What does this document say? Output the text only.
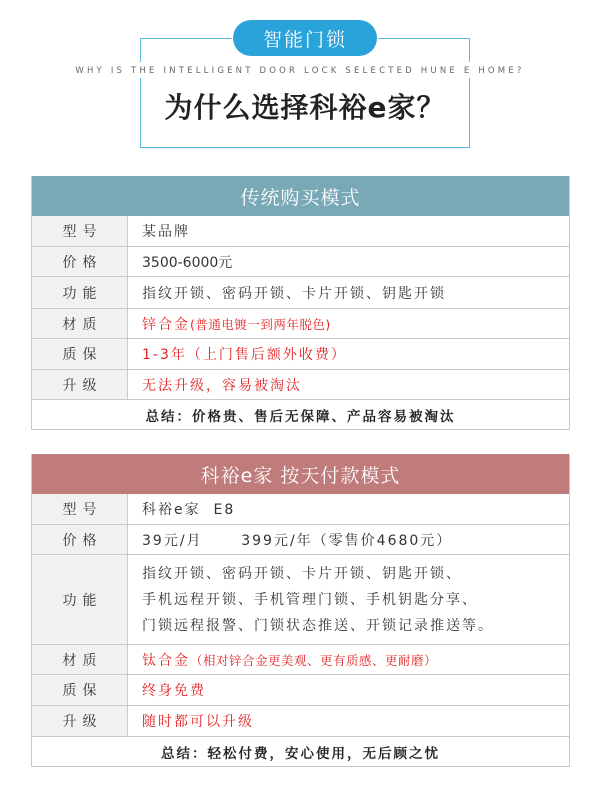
智能门锁
WHY IS THE INTELLIGENT DOOR LOCK SELECTED HUNE E HOME?
为什么选择科裕e家？
传统购买模式
型号	某品牌
价格	3500-6000元
功能	指纹开锁、密码开锁、卡片开锁、钥匙开锁
材质	锌合金 (普通电镀一到两年脱色)
质保	1-3年（上门售后额外收费）
升级	无法升级，容易被淘汰
总结：价格贵、售后无保障、产品容易被淘汰
科裕e家 按天付款模式
型号	科裕e家  E8
价格	39元/月      399元/年（零售价4680元）
功能
指纹开锁、密码开锁、卡片开锁、钥匙开锁、
手机远程开锁、手机管理门锁、手机钥匙分享、
门锁远程报警、门锁状态推送、开锁记录推送等。
材质	钛合金 （相对锌合金更美观、更有质感、更耐磨）
质保	终身免费
升级	随时都可以升级
总结：轻松付费，安心使用，无后顾之忧
